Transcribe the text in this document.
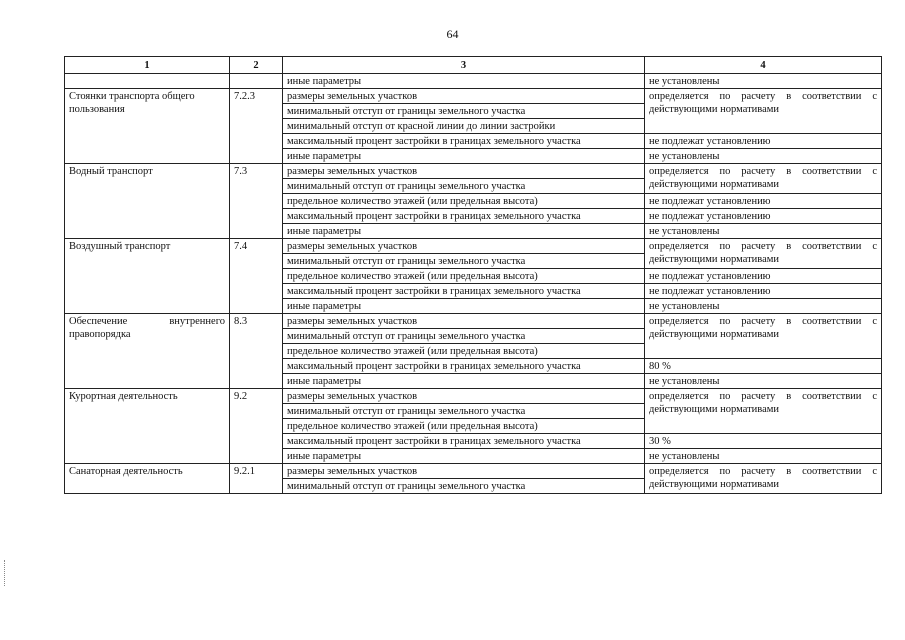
64
1	2	3	4
		иные параметры	не установлены
Стоянки транспорта общего пользования	7.2.3	размеры земельных участков	определяется по расчету в соответствии с действующими нормативами
		минимальный отступ от границы земельного участка	
		минимальный отступ от красной линии до линии застройки	
		максимальный процент застройки в границах земельного участка	не подлежат установлению
		иные параметры	не установлены
Водный транспорт	7.3	размеры земельных участков	определяется по расчету в соответствии с действующими нормативами
		минимальный отступ от границы земельного участка	
		предельное количество этажей (или предельная высота)	не подлежат установлению
		максимальный процент застройки в границах земельного участка	не подлежат установлению
		иные параметры	не установлены
Воздушный транспорт	7.4	размеры земельных участков	определяется по расчету в соответствии с действующими нормативами
		минимальный отступ от границы земельного участка	
		предельное количество этажей (или предельная высота)	не подлежат установлению
		максимальный процент застройки в границах земельного участка	не подлежат установлению
		иные параметры	не установлены
Обеспечение внутреннего правопорядка	8.3	размеры земельных участков	определяется по расчету в соответствии с действующими нормативами
		минимальный отступ от границы земельного участка	
		предельное количество этажей (или предельная высота)	
		максимальный процент застройки в границах земельного участка	80 %
		иные параметры	не установлены
Курортная деятельность	9.2	размеры земельных участков	определяется по расчету в соответствии с действующими нормативами
		минимальный отступ от границы земельного участка	
		предельное количество этажей (или предельная высота)	
		максимальный процент застройки в границах земельного участка	30 %
		иные параметры	не установлены
Санаторная деятельность	9.2.1	размеры земельных участков	определяется по расчету в соответствии с действующими нормативами
		минимальный отступ от границы земельного участка	
